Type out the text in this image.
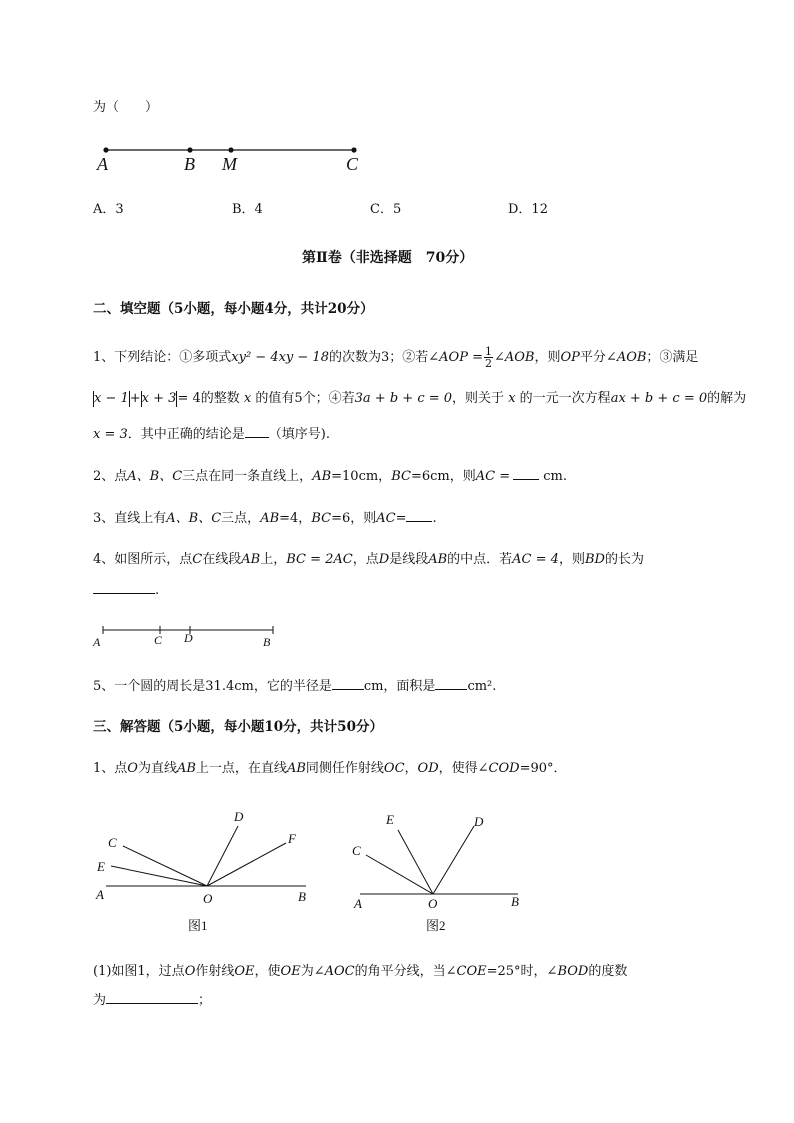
为（　　）
A	B M	C
A	C D	B
C
E
A	O
D
F
B
图1
E
C
A	O
D
B
图2
A．3	B．4	C．5	D．12
第Ⅱ卷（非选择题　70分）
二、填空题（5小题，每小题4分，共计20分）
1、下列结论：①多项式xy² − 4xy − 18的次数为3；②若∠AOP = $\frac{1}{2}$ ∠AOB，则OP平分∠AOB；③满足
x − 1+x + 3= 4的整数 x 的值有5个；④若3a + b + c = 0，则关于 x 的一元一次方程ax + b + c = 0的解为
x = 3．其中正确的结论是 （填序号).
2、点A、B、C三点在同一条直线上，AB=10cm，BC=6cm，则AC = cm.
3、直线上有A、B、C三点，AB=4，BC=6，则AC= .
4、如图所示，点C在线段AB上，BC = 2AC，点D是线段AB的中点．若AC = 4，则BD的长为
.
5、一个圆的周长是31.4cm，它的半径是 cm，面积是 cm².
三、解答题（5小题，每小题10分，共计50分）
1、点O为直线AB上一点，在直线AB同侧任作射线OC，OD，使得∠COD=90°．
(1)如图1，过点O作射线OE，使OE为∠AOC的角平分线，当∠COE=25°时，∠BOD的度数
为	；
